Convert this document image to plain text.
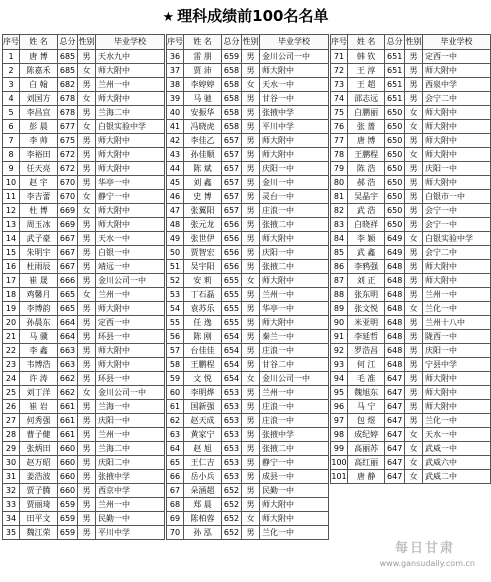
★ 理科成绩前100名名单
序号	姓 名	总分	性别	毕业学校
1	唐 博	685	男	天水九中
2	陈嘉禾	685	女	师大附中
3	白 翰	682	男	兰州一中
4	刘国方	678	女	师大附中
5	李昌宜	678	男	兰海二中
6	彭 晨	677	女	白银实验中学
7	李 帅	675	男	师大附中
8	李裕田	672	男	师大附中
9	任天亮	672	男	师大附中
10	赵 宇	670	男	华亭一中
11	李吉蕾	670	女	静宁一中
12	杜 博	669	女	师大附中
13	周玉冰	669	男	师大附中
14	武子豪	667	男	天水一中
15	朱明宇	667	男	白银一中
16	杜雨辰	667	男	靖远一中
17	崔 晟	666	男	金川公司一中
18	鸡馨月	665	女	兰州一中
19	李博韵	665	男	师大附中
20	孙晨东	664	男	定西一中
21	马 骥	664	男	环县一中
22	李 鑫	663	男	师大附中
23	韦博浩	663	男	师大附中
24	许 涛	662	男	环县一中
25	刘丁洋	662	女	金川公司一中
26	崔 岩	661	男	兰海一中
27	何秀强	661	男	庆阳一中
28	曹子健	661	男	兰州一中
29	张炳田	660	男	兰海二中
30	赵万昭	660	男	庆阳二中
31	姜浩波	660	男	张掖中学
32	贾子腾	660	男	西京中学
33	贾丽琦	659	男	兰州一中
34	田平文	659	男	民勤一中
35	魏江荣	659	男	平川中学
序号	姓 名	总分	性别	毕业学校
36	雷 朋	659	男	金川公司一中
37	贾 沛	658	男	师大附中
38	李婷婷	658	女	天水一中
39	马 驰	658	男	甘谷一中
40	安振华	658	男	张掖中学
41	冯晓虎	658	男	平川中学
42	李佳乙	657	男	师大附中
43	孙佳顺	657	男	师大附中
44	陈 斌	657	男	庆阳一中
45	刘 鑫	657	男	金川一中
46	史 博	657	男	灵台一中
47	张翼阳	657	男	庄浪一中
48	张元龙	656	男	张掖二中
49	张世伊	656	男	师大附中
50	贾智宏	656	男	庆阳一中
51	吴宇阳	656	男	张掖二中
52	安 莉	655	女	师大附中
53	丁石磊	655	男	兰州一中
54	袁苏乐	655	男	华亭一中
55	任 逸	655	男	师大附中
56	陈 刚	654	男	秦兰一中
57	台佳佳	654	男	庄浪一中
58	王鹏程	654	男	甘谷二中
59	文 悦	654	女	金川公司一中
60	李明烨	653	男	兰州一中
61	国新强	653	男	庄浪一中
62	赵天成	653	男	庄浪一中
63	黄家宁	653	男	张掖中学
64	赵 旭	653	男	张掖二中
65	王仁吉	653	男	静宁一中
66	岳小兵	653	男	成县一中
67	朵涵超	652	男	民勤一中
68	郑 晨	652	男	师大附中
69	陈柏蓉	652	女	师大附中
70	孙 泓	652	男	兰化一中
序号	姓 名	总分	性别	毕业学校
71	韩 钦	651	男	定西一中
72	王 淳	651	男	师大附中
73	王 超	651	男	西泉中学
74	邵志远	651	男	会宁二中
75	白鹏丽	650	女	师大附中
76	张 蔷	650	女	师大附中
77	唐 博	650	男	师大附中
78	王鹏程	650	女	师大附中
79	陈 浩	650	男	庆阳一中
80	郝 浩	650	男	师大附中
81	吴晶宇	650	男	白银市一中
82	武 浩	650	男	会宁一中
83	白晓祥	650	男	会宁一中
84	李 颖	649	女	白银实验中学
85	武 鑫	649	男	会宁二中
86	李鸦强	648	男	师大附中
87	刘 正	648	男	师大附中
88	张东明	648	男	兰州一中
89	张文悦	648	女	兰化一中
90	米亚明	648	男	兰州十八中
91	李延哲	648	男	陇西一中
92	罗浩昌	648	男	庆阳一中
93	何 江	648	男	宁县中学
94	毛 准	647	男	师大附中
95	魏旭东	647	男	师大附中
96	马 宁	647	男	师大附中
97	包 煜	647	男	兰化一中
98	成纪婷	647	女	天水一中
99	高丽苏	647	女	武威一中
100	高红丽	647	女	武威六中
101	唐 静	647	女	武威二中
每日甘肃
www.gansudaily.com.cn
